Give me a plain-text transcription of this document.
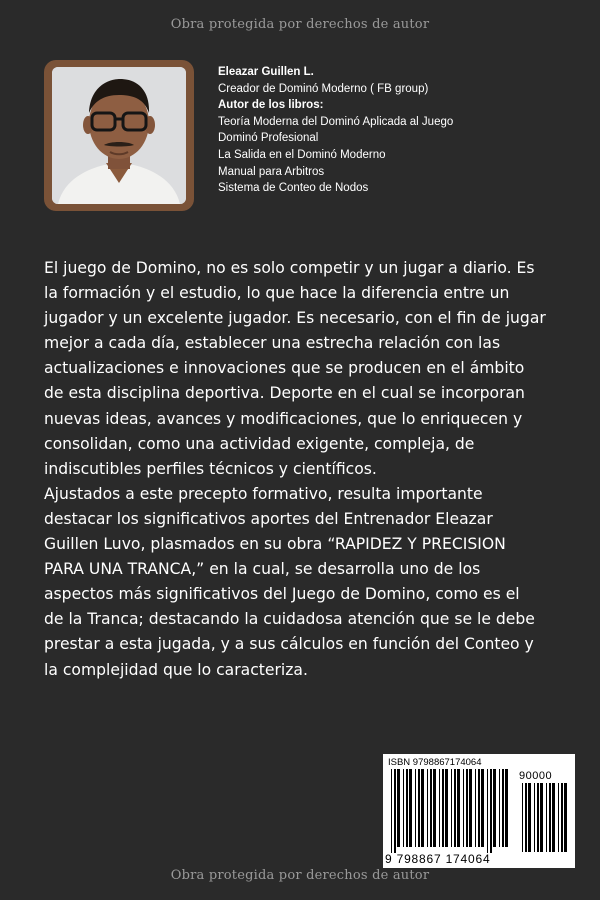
Obra protegida por derechos de autor
Eleazar Guillen L.
Creador de Dominó Moderno ( FB group)
Autor de los libros:
Teoría Moderna del Dominó Aplicada al Juego
Dominó Profesional
La Salida en el Dominó Moderno
Manual para Arbitros
Sistema de Conteo de Nodos
El juego de Domino, no es solo competir y un jugar a diario. Es
la formación y el estudio, lo que hace la diferencia entre un
jugador y un excelente jugador. Es necesario, con el fin de jugar
mejor a cada día, establecer una estrecha relación con las
actualizaciones e innovaciones que se producen en el ámbito
de esta disciplina deportiva. Deporte en el cual se incorporan
nuevas ideas, avances y modificaciones, que lo enriquecen y
consolidan, como una actividad exigente, compleja, de
indiscutibles perfiles técnicos y científicos.
Ajustados a este precepto formativo, resulta importante
destacar los significativos aportes del Entrenador Eleazar
Guillen Luvo, plasmados en su obra “RAPIDEZ Y PRECISION
PARA UNA TRANCA,” en la cual, se desarrolla uno de los
aspectos más significativos del Juego de Domino, como es el
de la Tranca; destacando la cuidadosa atención que se le debe
prestar a esta jugada, y a sus cálculos en función del Conteo y
la complejidad que lo caracteriza.
ISBN 9798867174064
90000
9 798867 174064
Obra protegida por derechos de autor
